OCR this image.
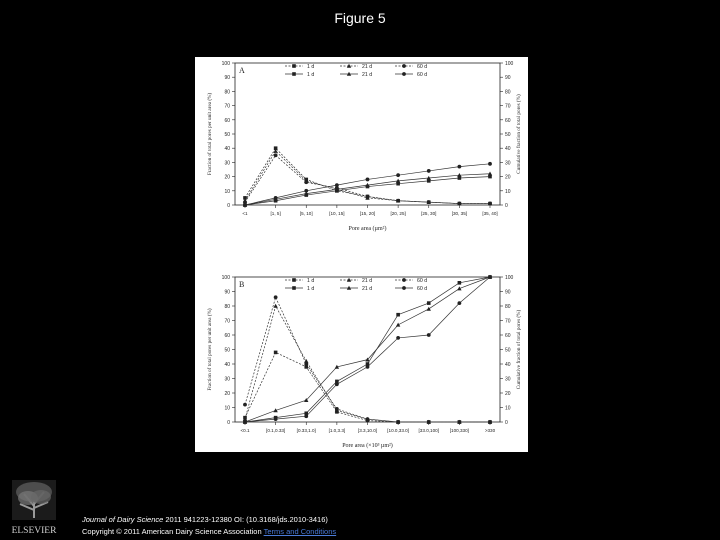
Figure 5
0	0
10	10
20	20
30	30
40	40
50	50
60	60
70	70
80	80
90	90
100	100
<1	[1, 5]	[5, 10]	[10, 15]	[15, 20]	[20, 25]	[25, 30]	[30, 35]	[35, 40]
Pore area (µm²)
Fraction of total pores per unit area (%)	Cumulative fraction of total pores (%)
A	1 d	21 d	60 d
1 d	21 d	60 d
0	0
10	10
20	20
30	30
40	40
50	50
60	60
70	70
80	80
90	90
100	100
<0.1	[0.1,0.33] [0.33,1.0]	[1.0,3.3]	[3.3,10.0] [10.0,33.0] [33.0,100] [100,330]	>330
Pore area (×10³ µm²)
Fraction of total pores per unit area (%)	Cumulative fraction of total pores (%)
B	1 d	21 d	60 d
1 d	21 d	60 d
ELSEVIER
Journal of Dairy Science 2011 941223-12380 OI: (10.3168/jds.2010-3416)
Copyright © 2011 American Dairy Science Association Terms and Conditions
